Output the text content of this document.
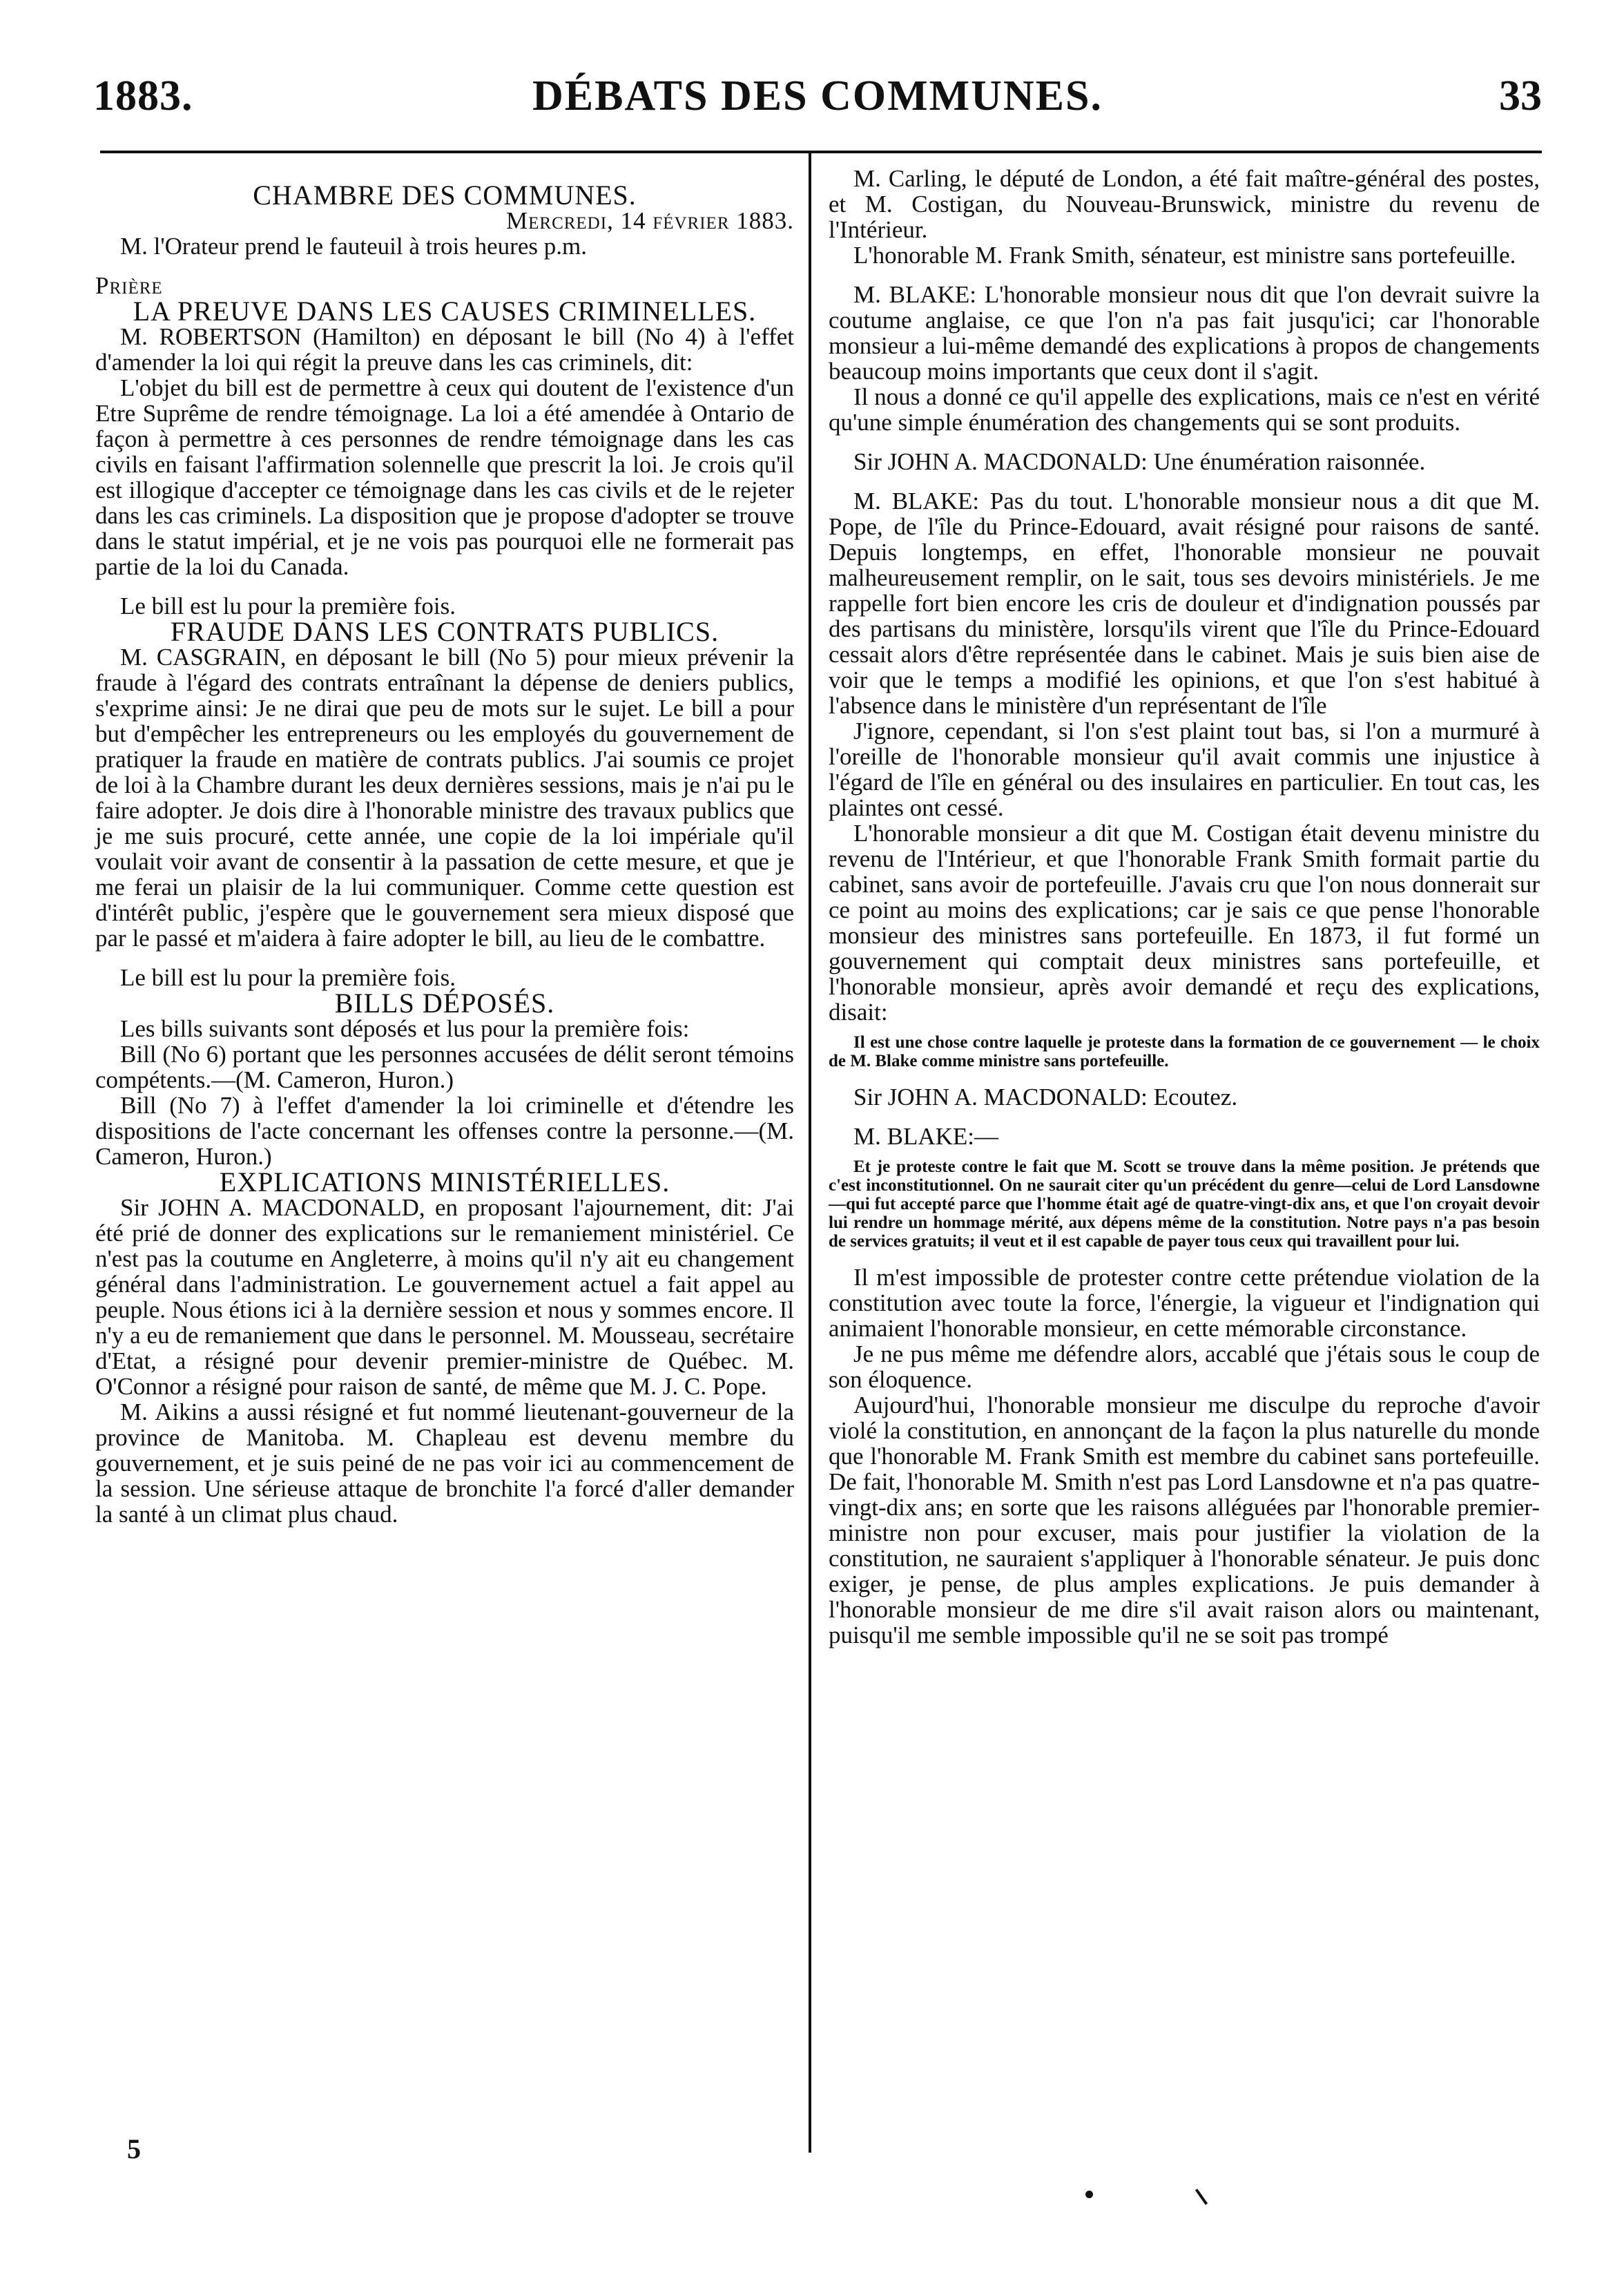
DÉBATS DES COMMUNES.
1883.	33

CHAMBRE DES COMMUNES.

Mercredi, 14 février 1883.

M. l'Orateur prend le fauteuil à trois heures p.m.

Prière

LA PREUVE DANS LES CAUSES CRIMINELLES.

M. ROBERTSON (Hamilton) en déposant le bill (No 4) à l'effet d'amender la loi qui régit la preuve dans les cas criminels, dit:

L'objet du bill est de permettre à ceux qui doutent de l'existence d'un Etre Suprême de rendre témoignage. La loi a été amendée à Ontario de façon à permettre à ces personnes de rendre témoignage dans les cas civils en faisant l'affirmation solennelle que prescrit la loi. Je crois qu'il est illogique d'accepter ce témoignage dans les cas civils et de le rejeter dans les cas criminels. La disposition que je propose d'adopter se trouve dans le statut impérial, et je ne vois pas pourquoi elle ne formerait pas partie de la loi du Canada.

Le bill est lu pour la première fois.

FRAUDE DANS LES CONTRATS PUBLICS.

M. CASGRAIN, en déposant le bill (No 5) pour mieux prévenir la fraude à l'égard des contrats entraînant la dépense de deniers publics, s'exprime ainsi: Je ne dirai que peu de mots sur le sujet. Le bill a pour but d'empêcher les entrepreneurs ou les employés du gouvernement de pratiquer la fraude en matière de contrats publics. J'ai soumis ce projet de loi à la Chambre durant les deux dernières sessions, mais je n'ai pu le faire adopter. Je dois dire à l'honorable ministre des travaux publics que je me suis procuré, cette année, une copie de la loi impériale qu'il voulait voir avant de consentir à la passation de cette mesure, et que je me ferai un plaisir de la lui communiquer. Comme cette question est d'intérêt public, j'espère que le gouvernement sera mieux disposé que par le passé et m'aidera à faire adopter le bill, au lieu de le combattre.

Le bill est lu pour la première fois.

BILLS DÉPOSÉS.

Les bills suivants sont déposés et lus pour la première fois:

Bill (No 6) portant que les personnes accusées de délit seront témoins compétents.—(M. Cameron, Huron.)

Bill (No 7) à l'effet d'amender la loi criminelle et d'étendre les dispositions de l'acte concernant les offenses contre la personne.—(M. Cameron, Huron.)

EXPLICATIONS MINISTÉRIELLES.

Sir JOHN A. MACDONALD, en proposant l'ajournement, dit: J'ai été prié de donner des explications sur le remaniement ministériel. Ce n'est pas la coutume en Angleterre, à moins qu'il n'y ait eu changement général dans l'administration. Le gouvernement actuel a fait appel au peuple. Nous étions ici à la dernière session et nous y sommes encore. Il n'y a eu de remaniement que dans le personnel. M. Mousseau, secrétaire d'Etat, a résigné pour devenir premier-ministre de Québec. M. O'Connor a résigné pour raison de santé, de même que M. J. C. Pope.

M. Aikins a aussi résigné et fut nommé lieutenant-gouverneur de la province de Manitoba. M. Chapleau est devenu membre du gouvernement, et je suis peiné de ne pas voir ici au commencement de la session. Une sérieuse attaque de bronchite l'a forcé d'aller demander la santé à un climat plus chaud.

M. Carling, le député de London, a été fait maître-général des postes, et M. Costigan, du Nouveau-Brunswick, ministre du revenu de l'Intérieur.

L'honorable M. Frank Smith, sénateur, est ministre sans portefeuille.

M. BLAKE: L'honorable monsieur nous dit que l'on devrait suivre la coutume anglaise, ce que l'on n'a pas fait jusqu'ici; car l'honorable monsieur a lui-même demandé des explications à propos de changements beaucoup moins importants que ceux dont il s'agit.

Il nous a donné ce qu'il appelle des explications, mais ce n'est en vérité qu'une simple énumération des changements qui se sont produits.

Sir JOHN A. MACDONALD: Une énumération raisonnée.

M. BLAKE: Pas du tout. L'honorable monsieur nous a dit que M. Pope, de l'île du Prince-Edouard, avait résigné pour raisons de santé. Depuis longtemps, en effet, l'honorable monsieur ne pouvait malheureusement remplir, on le sait, tous ses devoirs ministériels. Je me rappelle fort bien encore les cris de douleur et d'indignation poussés par des partisans du ministère, lorsqu'ils virent que l'île du Prince-Edouard cessait alors d'être représentée dans le cabinet. Mais je suis bien aise de voir que le temps a modifié les opinions, et que l'on s'est habitué à l'absence dans le ministère d'un représentant de l'île

J'ignore, cependant, si l'on s'est plaint tout bas, si l'on a murmuré à l'oreille de l'honorable monsieur qu'il avait commis une injustice à l'égard de l'île en général ou des insulaires en particulier. En tout cas, les plaintes ont cessé.

L'honorable monsieur a dit que M. Costigan était devenu ministre du revenu de l'Intérieur, et que l'honorable Frank Smith formait partie du cabinet, sans avoir de portefeuille. J'avais cru que l'on nous donnerait sur ce point au moins des explications; car je sais ce que pense l'honorable monsieur des ministres sans portefeuille. En 1873, il fut formé un gouvernement qui comptait deux ministres sans portefeuille, et l'honorable monsieur, après avoir demandé et reçu des explications, disait:

Il est une chose contre laquelle je proteste dans la formation de ce gouvernement — le choix de M. Blake comme ministre sans portefeuille.

Sir JOHN A. MACDONALD: Ecoutez.

M. BLAKE:—

Et je proteste contre le fait que M. Scott se trouve dans la même position. Je prétends que c'est inconstitutionnel. On ne saurait citer qu'un précédent du genre—celui de Lord Lansdowne—qui fut accepté parce que l'homme était agé de quatre-vingt-dix ans, et que l'on croyait devoir lui rendre un hommage mérité, aux dépens même de la constitution. Notre pays n'a pas besoin de services gratuits; il veut et il est capable de payer tous ceux qui travaillent pour lui.

Il m'est impossible de protester contre cette prétendue violation de la constitution avec toute la force, l'énergie, la vigueur et l'indignation qui animaient l'honorable monsieur, en cette mémorable circonstance.

Je ne pus même me défendre alors, accablé que j'étais sous le coup de son éloquence.

Aujourd'hui, l'honorable monsieur me disculpe du reproche d'avoir violé la constitution, en annonçant de la façon la plus naturelle du monde que l'honorable M. Frank Smith est membre du cabinet sans portefeuille. De fait, l'honorable M. Smith n'est pas Lord Lansdowne et n'a pas quatre-vingt-dix ans; en sorte que les raisons alléguées par l'honorable premier-ministre non pour excuser, mais pour justifier la violation de la constitution, ne sauraient s'appliquer à l'honorable sénateur. Je puis donc exiger, je pense, de plus amples explications. Je puis demander à l'honorable monsieur de me dire s'il avait raison alors ou maintenant, puisqu'il me semble impossible qu'il ne se soit pas trompé

5
